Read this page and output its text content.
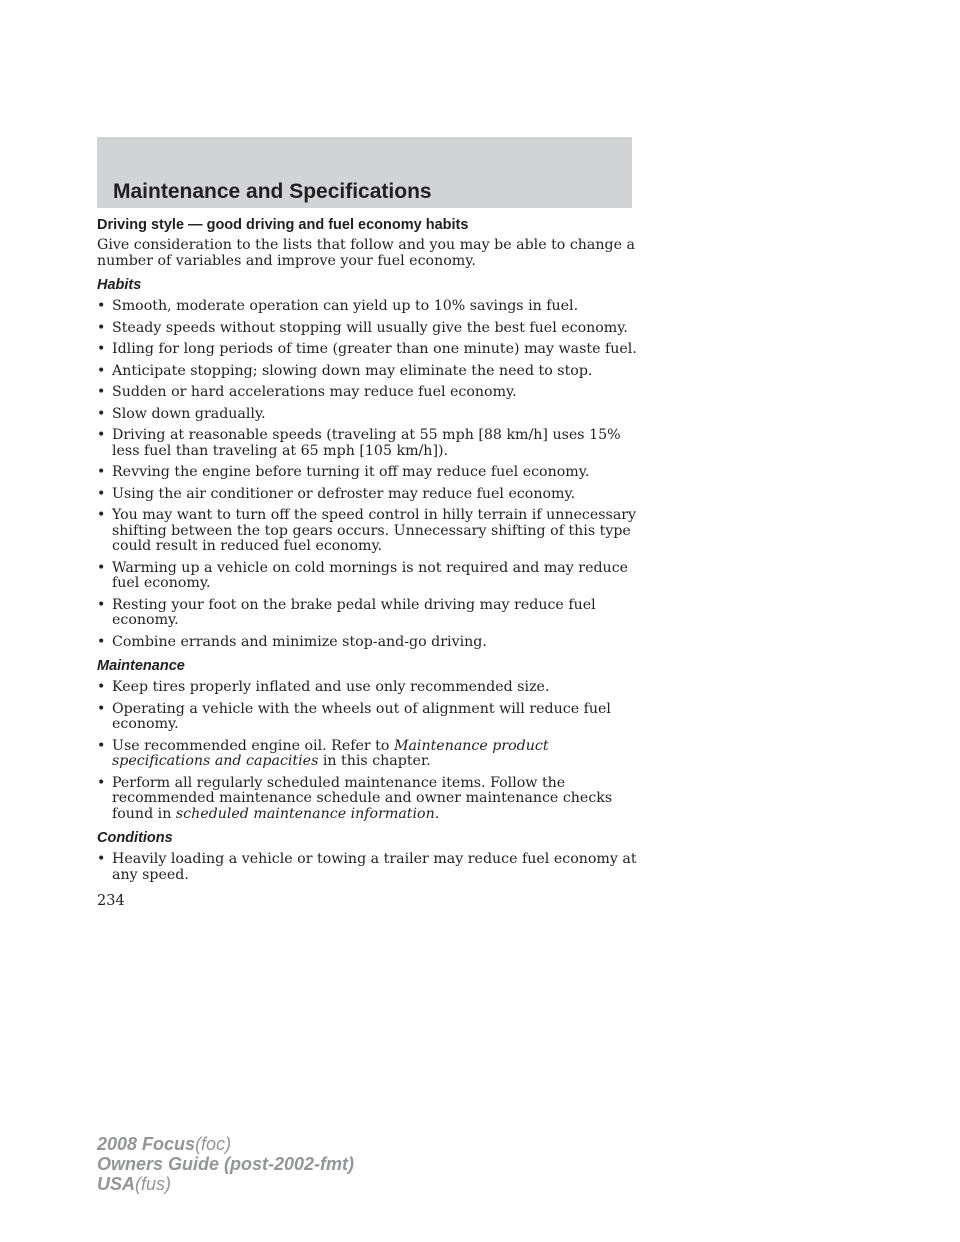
Maintenance and Specifications
Driving style — good driving and fuel economy habits

Give consideration to the lists that follow and you may be able to change a number of variables and improve your fuel economy.

Habits
• Smooth, moderate operation can yield up to 10% savings in fuel.
• Steady speeds without stopping will usually give the best fuel economy.
• Idling for long periods of time (greater than one minute) may waste fuel.
• Anticipate stopping; slowing down may eliminate the need to stop.
• Sudden or hard accelerations may reduce fuel economy.
• Slow down gradually.
• Driving at reasonable speeds (traveling at 55 mph [88 km/h] uses 15% less fuel than traveling at 65 mph [105 km/h]).
• Revving the engine before turning it off may reduce fuel economy.
• Using the air conditioner or defroster may reduce fuel economy.
• You may want to turn off the speed control in hilly terrain if unnecessary shifting between the top gears occurs. Unnecessary shifting of this type could result in reduced fuel economy.
• Warming up a vehicle on cold mornings is not required and may reduce fuel economy.
• Resting your foot on the brake pedal while driving may reduce fuel economy.
• Combine errands and minimize stop-and-go driving.
Maintenance
• Keep tires properly inflated and use only recommended size.
• Operating a vehicle with the wheels out of alignment will reduce fuel economy.
• Use recommended engine oil. Refer to Maintenance product specifications and capacities in this chapter.
• Perform all regularly scheduled maintenance items. Follow the recommended maintenance schedule and owner maintenance checks found in scheduled maintenance information.
Conditions
• Heavily loading a vehicle or towing a trailer may reduce fuel economy at any speed.
234
2008 Focus(foc)
Owners Guide (post-2002-fmt)
USA(fus)
